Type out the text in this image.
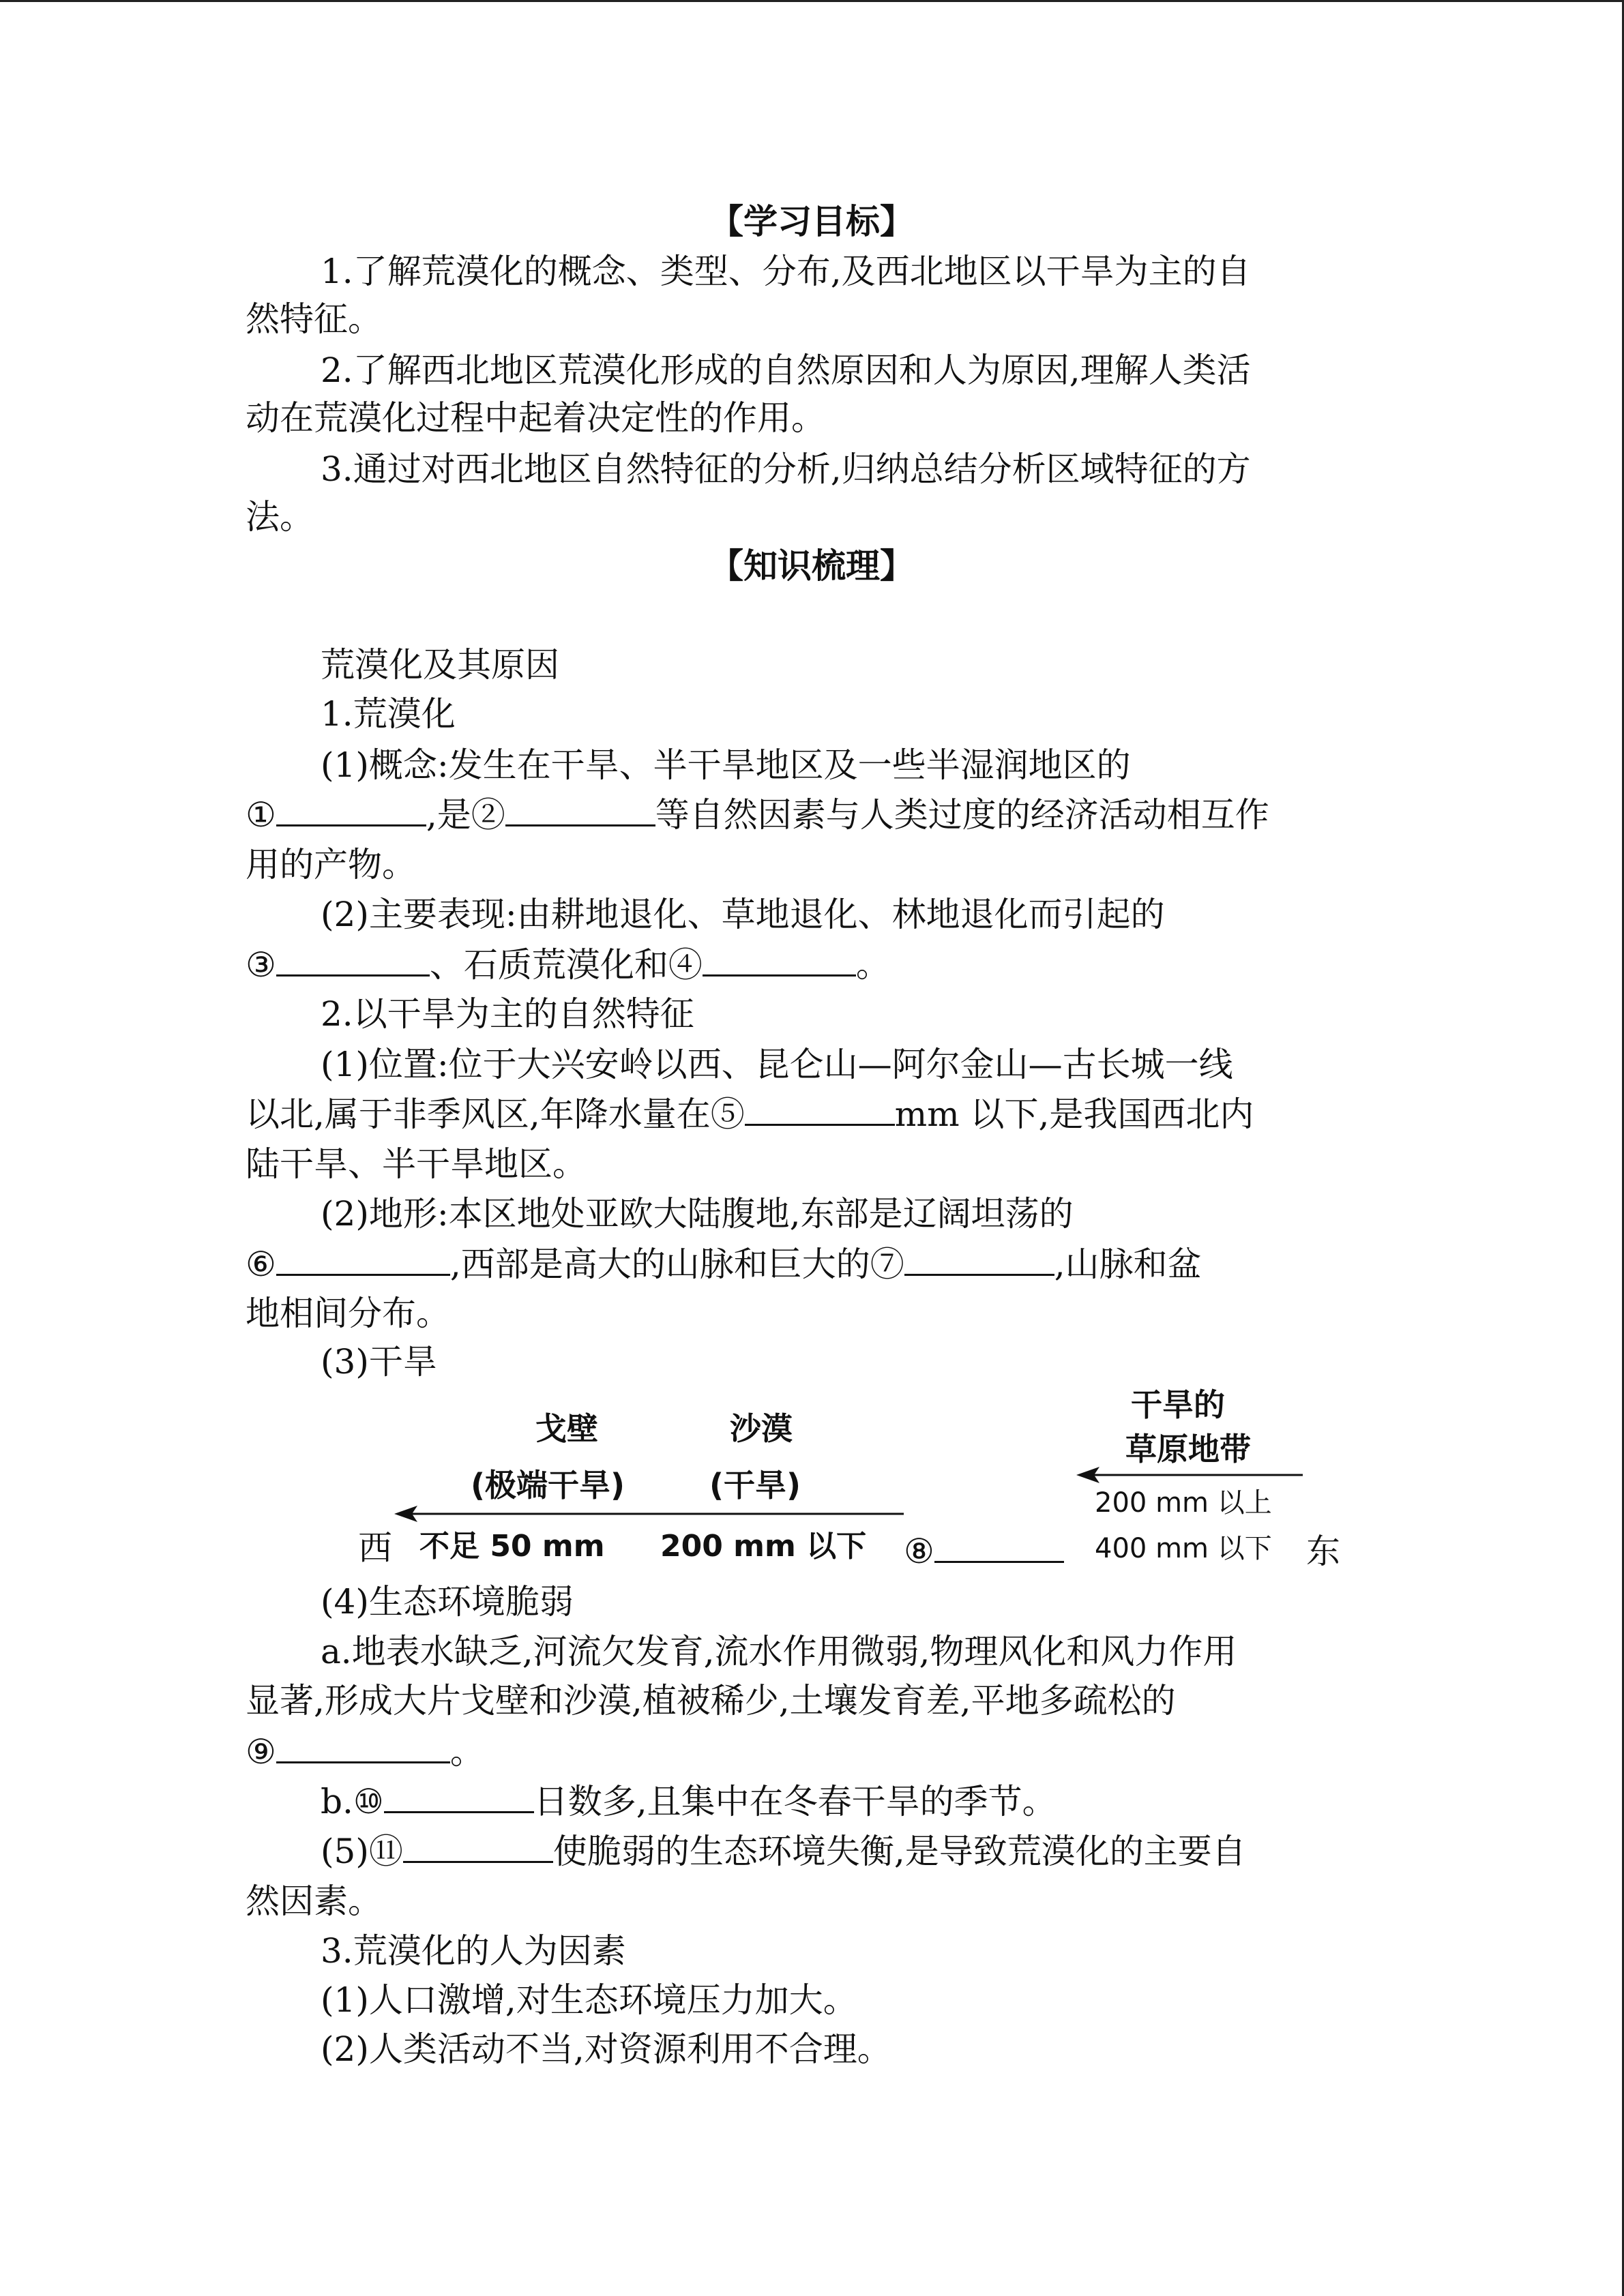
【学习目标】
1.了解荒漠化的概念、类型、分布,及西北地区以干旱为主的自
然特征。
2.了解西北地区荒漠化形成的自然原因和人为原因,理解人类活
动在荒漠化过程中起着决定性的作用。
3.通过对西北地区自然特征的分析,归纳总结分析区域特征的方
法。
【知识梳理】
荒漠化及其原因
1.荒漠化
(1)概念:发生在干旱、半干旱地区及一些半湿润地区的
①	,是②	等自然因素与人类过度的经济活动相互作
用的产物。
(2)主要表现:由耕地退化、草地退化、林地退化而引起的
③	、石质荒漠化和④	。
2.以干旱为主的自然特征
(1)位置:位于大兴安岭以西、昆仑山—阿尔金山—古长城一线
以北,属于非季风区,年降水量在⑤	mm 以下,是我国西北内
陆干旱、半干旱地区。
(2)地形:本区地处亚欧大陆腹地,东部是辽阔坦荡的
⑥	,西部是高大的山脉和巨大的⑦	,山脉和盆
地相间分布。
(3)干旱
戈壁	沙漠
干旱的
草原地带
(极端干旱)	(干旱)	200 mm 以上
西 不足 50 mm 200 mm 以下 ⑧	400 mm 以下 东
(4)生态环境脆弱
a.地表水缺乏,河流欠发育,流水作用微弱,物理风化和风力作用
显著,形成大片戈壁和沙漠,植被稀少,土壤发育差,平地多疏松的
⑨	。
b.⑩	日数多,且集中在冬春干旱的季节。
(5)⑪	使脆弱的生态环境失衡,是导致荒漠化的主要自
然因素。
3.荒漠化的人为因素
(1)人口激增,对生态环境压力加大。
(2)人类活动不当,对资源利用不合理。
